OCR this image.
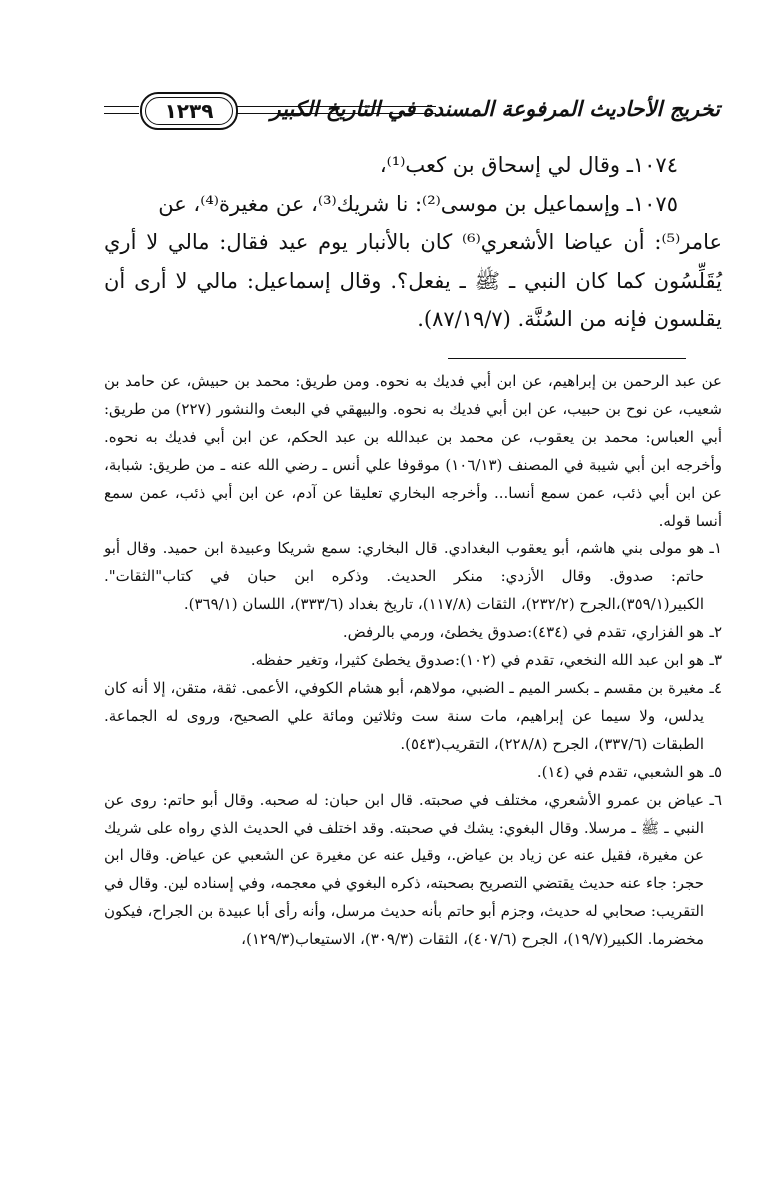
١٢٣٩	تخريج الأحاديث المرفوعة المسندة في التاريخ الكبير

١٠٧٤ـ وقال لي إسحاق بن كعب⁽¹⁾،

١٠٧٥ـ وإسماعيل بن موسى⁽²⁾: نا شريك⁽³⁾، عن مغيرة⁽⁴⁾، عن
عامر⁽⁵⁾: أن عياضا الأشعري⁽⁶⁾ كان بالأنبار يوم عيد فقال: مالي لا أري يُقَلِّسُون كما كان النبي ـ ﷺ ـ يفعل؟. وقال إسماعيل: مالي لا أرى أن يقلسون فإنه من السُنَّة. (٨٧/١٩/٧).

عن عبد الرحمن بن إبراهيم، عن ابن أبي فديك به نحوه. ومن طريق: محمد بن حبيش، عن حامد بن شعيب، عن نوح بن حبيب، عن ابن أبي فديك به نحوه. والبيهقي في البعث والنشور (٢٢٧) من طريق: أبي العباس: محمد بن يعقوب، عن محمد بن عبدالله بن عبد الحكم، عن ابن أبي فديك به نحوه. وأخرجه ابن أبي شيبة في المصنف (١٠٦/١٣) موقوفا علي أنس ـ رضي الله عنه ـ من طريق: شبابة، عن ابن أبي ذئب، عمن سمع أنسا... وأخرجه البخاري تعليقا عن آدم، عن ابن أبي ذئب، عمن سمع أنسا قوله.

١ـ
هو مولى بني هاشم، أبو يعقوب البغدادي. قال البخاري: سمع شريكا وعبيدة ابن حميد. وقال أبو حاتم: صدوق. وقال الأزدي: منكر الحديث. وذكره ابن حبان في كتاب"الثقات". الكبير(٣٥٩/١)،الجرح (٢٣٢/٢)، الثقات (١١٧/٨)، تاريخ بغداد (٣٣٣/٦)، اللسان (٣٦٩/١).
٢ـ
هو الفزاري، تقدم في (٤٣٤):صدوق يخطئ، ورمي بالرفض.
٣ـ
هو ابن عبد الله النخعي، تقدم في (١٠٢):صدوق يخطئ كثيرا، وتغير حفظه.
٤ـ
مغيرة بن مقسم ـ بكسر الميم ـ الضبي، مولاهم، أبو هشام الكوفي، الأعمى. ثقة، متقن، إلا أنه كان يدلس، ولا سيما عن إبراهيم، مات سنة ست وثلاثين ومائة علي الصحيح، وروى له الجماعة. الطبقات (٣٣٧/٦)، الجرح (٢٢٨/٨)، التقريب(٥٤٣).
٥ـ
هو الشعبي، تقدم في (١٤).
٦ـ
عياض بن عمرو الأشعري، مختلف في صحبته. قال ابن حبان: له صحبه. وقال أبو حاتم: روى عن النبي ـ ﷺ ـ مرسلا. وقال البغوي: يشك في صحبته. وقد اختلف في الحديث الذي رواه على شريك عن مغيرة، فقيل عنه عن زياد بن عياض.، وقيل عنه عن مغيرة عن الشعبي عن عياض. وقال ابن حجر: جاء عنه حديث يقتضي التصريح بصحبته، ذكره البغوي في معجمه، وفي إسناده لين. وقال في التقريب: صحابي له حديث، وجزم أبو حاتم بأنه حديث مرسل، وأنه رأى أبا عبيدة بن الجراح، فيكون مخضرما. الكبير(١٩/٧)، الجرح (٤٠٧/٦)، الثقات (٣٠٩/٣)، الاستيعاب(١٢٩/٣)،
